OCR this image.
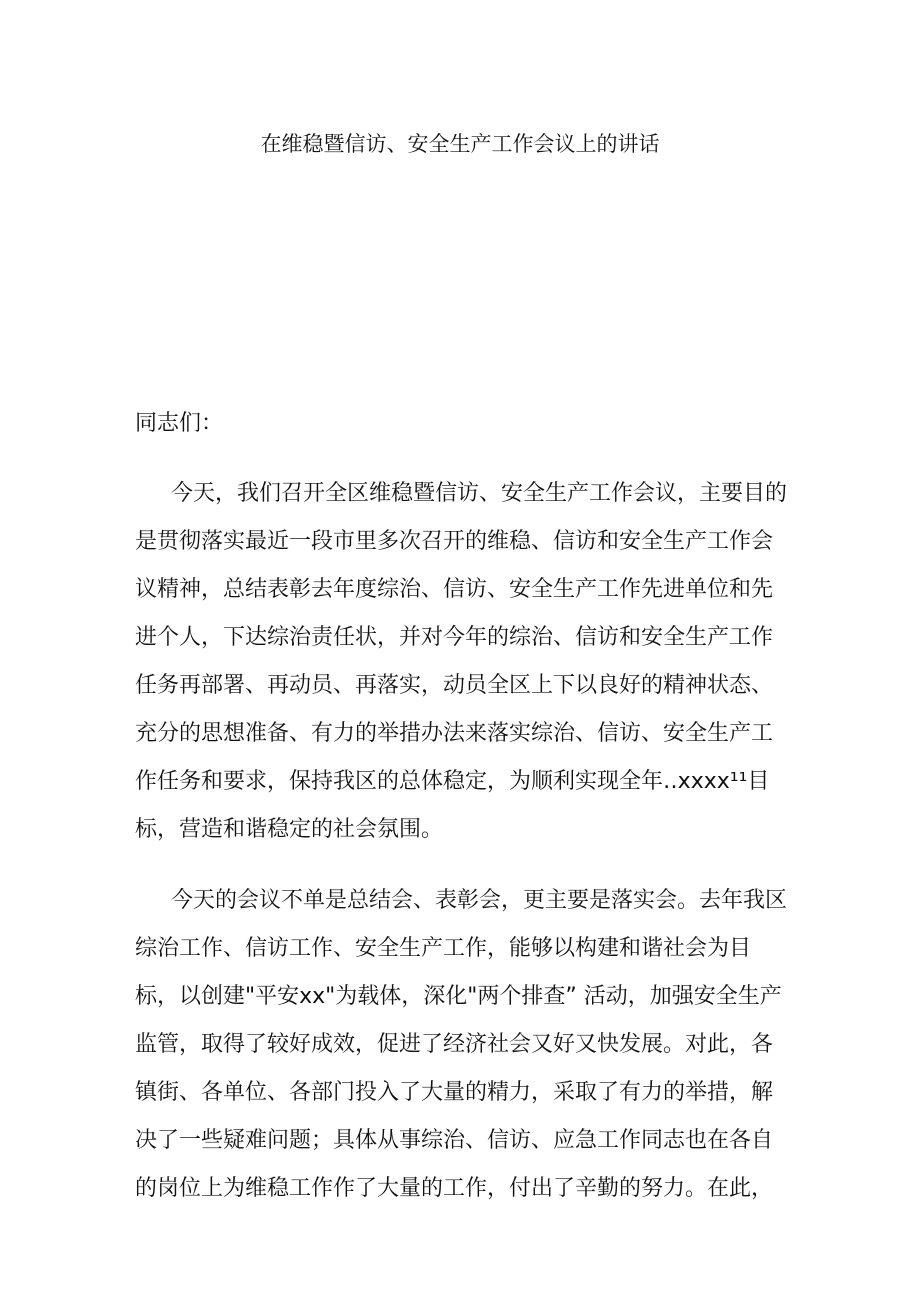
在维稳暨信访、安全生产工作会议上的讲话

同志们：

今天，我们召开全区维稳暨信访、安全生产工作会议，主要目的
是贯彻落实最近一段市里多次召开的维稳、信访和安全生产工作会
议精神，总结表彰去年度综治、信访、安全生产工作先进单位和先
进个人，下达综治责任状，并对今年的综治、信访和安全生产工作
任务再部署、再动员、再落实，动员全区上下以良好的精神状态、
充分的思想准备、有力的举措办法来落实综治、信访、安全生产工
作任务和要求，保持我区的总体稳定，为顺利实现全年‥xxxx¹¹目
标，营造和谐稳定的社会氛围。
今天的会议不单是总结会、表彰会，更主要是落实会。去年我区
综治工作、信访工作、安全生产工作，能够以构建和谐社会为目
标，以创建"平安xx"为载体，深化"两个排查” 活动，加强安全生产
监管，取得了较好成效，促进了经济社会又好又快发展。对此，各
镇街、各单位、各部门投入了大量的精力，采取了有力的举措，解
决了一些疑难问题；具体从事综治、信访、应急工作同志也在各自
的岗位上为维稳工作作了大量的工作，付出了辛勤的努力。在此，
